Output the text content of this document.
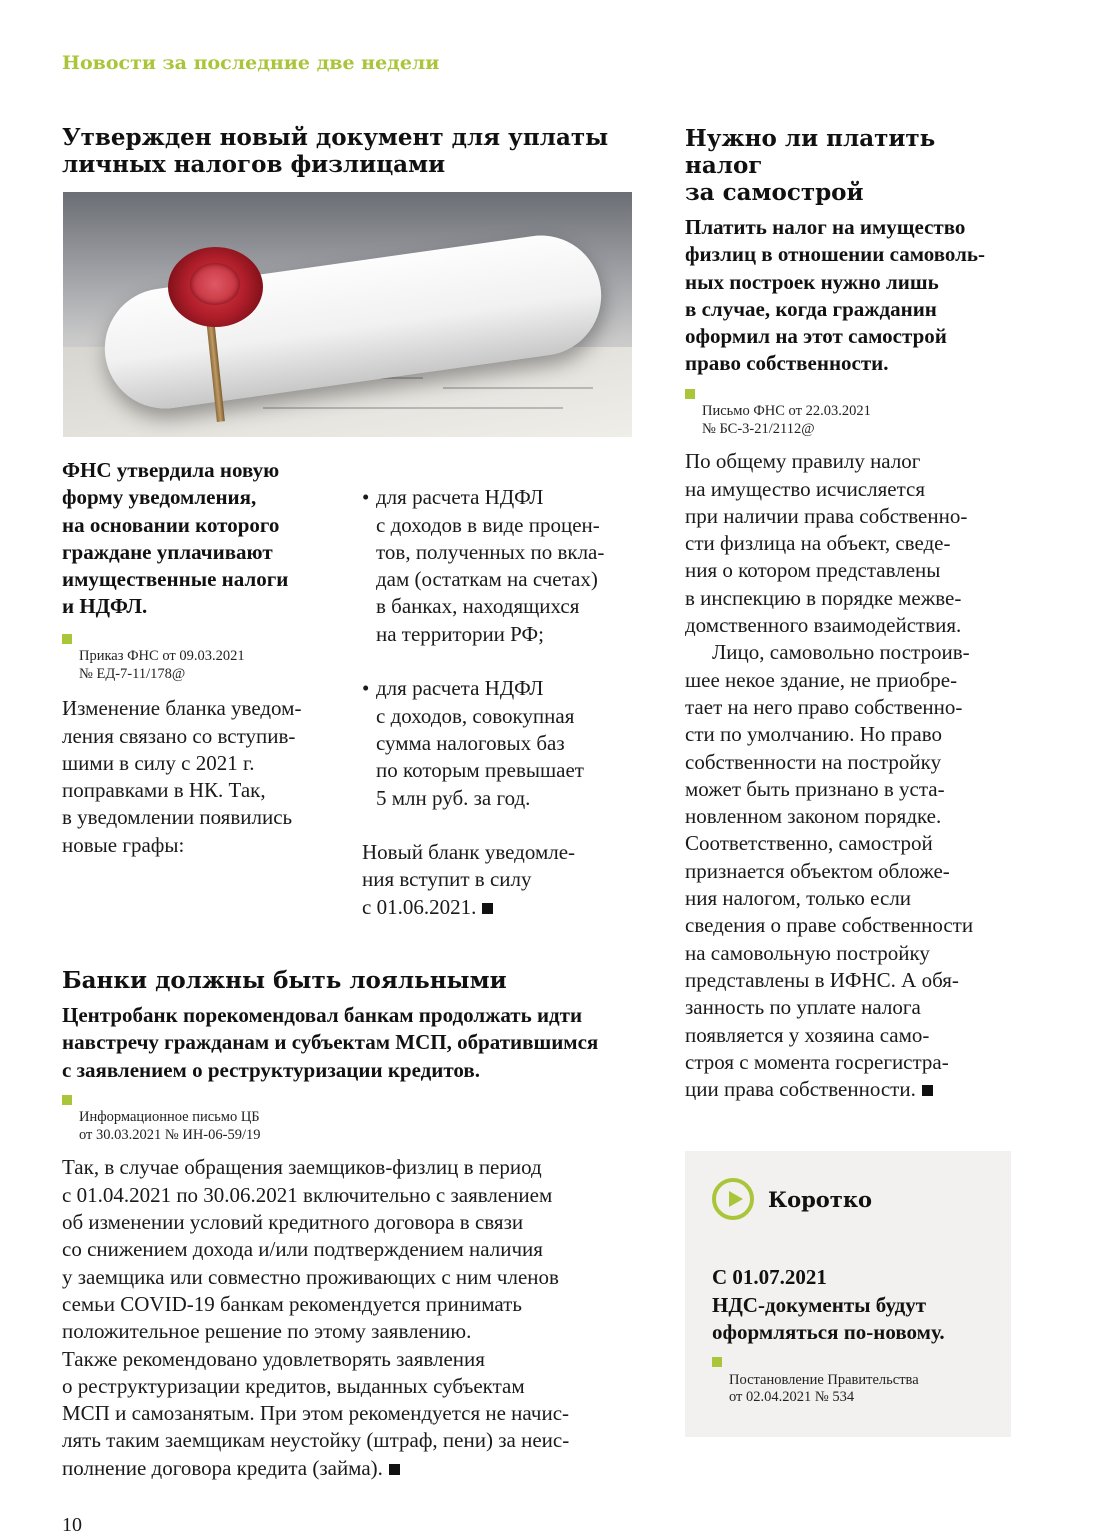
Новости за последние две недели
Утвержден новый документ для уплаты
личных налогов физлицами
ФНС утвердила новую
форму уведомления,
на основании которого
граждане уплачивают
имущественные налоги
и НДФЛ.

Приказ ФНС от 09.03.2021
№ ЕД-7-11/178@

Изменение бланка уведом-
ления связано со вступив-
шими в силу с 2021 г.
поправками в НК. Так,
в уведомлении появились
новые графы:

• для расчета НДФЛ
с доходов в виде процен-
тов, полученных по вкла-
дам (остаткам на счетах)
в банках, находящихся
на территории РФ;

• для расчета НДФЛ
с доходов, совокупная
сумма налоговых баз
по которым превышает
5 млн руб. за год.

Новый бланк уведомле-
ния вступит в силу
с 01.06.2021.
Банки должны быть лояльными
Центробанк порекомендовал банкам продолжать идти
навстречу гражданам и субъектам МСП, обратившимся
с заявлением о реструктуризации кредитов.

Информационное письмо ЦБ
от 30.03.2021 № ИН-06-59/19

Так, в случае обращения заемщиков-физлиц в период
с 01.04.2021 по 30.06.2021 включительно с заявлением
об изменении условий кредитного договора в связи
со снижением дохода и/или подтверждением наличия
у заемщика или совместно проживающих с ним членов
семьи COVID-19 банкам рекомендуется принимать
положительное решение по этому заявлению.
Также рекомендовано удовлетворять заявления
о реструктуризации кредитов, выданных субъектам
МСП и самозанятым. При этом рекомендуется не начис-
лять таким заемщикам неустойку (штраф, пени) за неис-
полнение договора кредита (займа).
Нужно ли платить налог
за самострой
Платить налог на имущество
физлиц в отношении самоволь-
ных построек нужно лишь
в случае, когда гражданин
оформил на этот самострой
право собственности.

Письмо ФНС от 22.03.2021
№ БС-3-21/2112@

По общему правилу налог
на имущество исчисляется
при наличии права собственно-
сти физлица на объект, сведе-
ния о котором представлены
в инспекцию в порядке межве-
домственного взаимодействия.
Лицо, самовольно построив-
шее некое здание, не приобре-
тает на него право собственно-
сти по умолчанию. Но право
собственности на постройку
может быть признано в уста-
новленном законом порядке.
Соответственно, самострой
признается объектом обложе-
ния налогом, только если
сведения о праве собственности
на самовольную постройку
представлены в ИФНС. А обя-
занность по уплате налога
появляется у хозяина само-
строя с момента госрегистра-
ции права собственности.
Коротко
С 01.07.2021
НДС-документы будут
оформляться по-новому.

Постановление Правительства
от 02.04.2021 № 534

10
